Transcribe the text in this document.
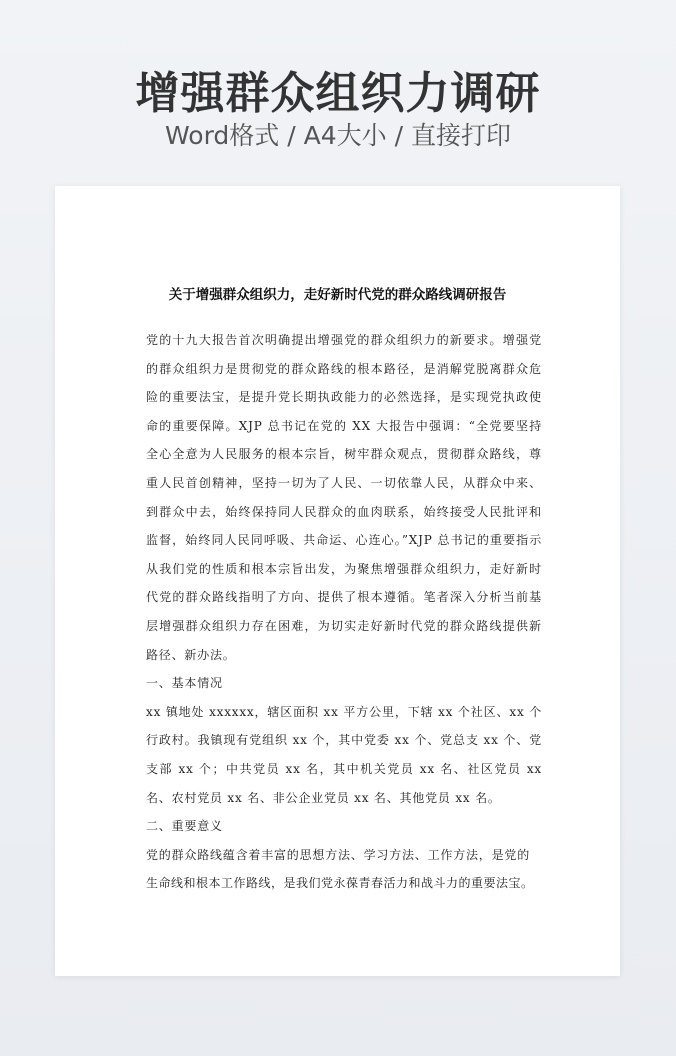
增强群众组织力调研
Word格式 / A4大小 / 直接打印
关于增强群众组织力，走好新时代党的群众路线调研报告

党的十九大报告首次明确提出增强党的群众组织力的新要求。增强党的群众组织力是贯彻党的群众路线的根本路径，是消解党脱离群众危险的重要法宝，是提升党长期执政能力的必然选择，是实现党执政使命的重要保障。XJP 总书记在党的 XX 大报告中强调：“全党要坚持全心全意为人民服务的根本宗旨，树牢群众观点，贯彻群众路线，尊重人民首创精神，坚持一切为了人民、一切依靠人民，从群众中来、到群众中去，始终保持同人民群众的血肉联系，始终接受人民批评和监督，始终同人民同呼吸、共命运、心连心。”XJP 总书记的重要指示从我们党的性质和根本宗旨出发，为聚焦增强群众组织力，走好新时代党的群众路线指明了方向、提供了根本遵循。笔者深入分析当前基层增强群众组织力存在困难，为切实走好新时代党的群众路线提供新路径、新办法。

一、基本情况

xx 镇地处 xxxxxx，辖区面积 xx 平方公里，下辖 xx 个社区、xx 个行政村。我镇现有党组织 xx 个，其中党委 xx 个、党总支 xx 个、党支部 xx 个；中共党员 xx 名，其中机关党员 xx 名、社区党员 xx 名、农村党员 xx 名、非公企业党员 xx 名、其他党员 xx 名。

二、重要意义

党的群众路线蕴含着丰富的思想方法、学习方法、工作方法，是党的

生命线和根本工作路线，是我们党永葆青春活力和战斗力的重要法宝。
